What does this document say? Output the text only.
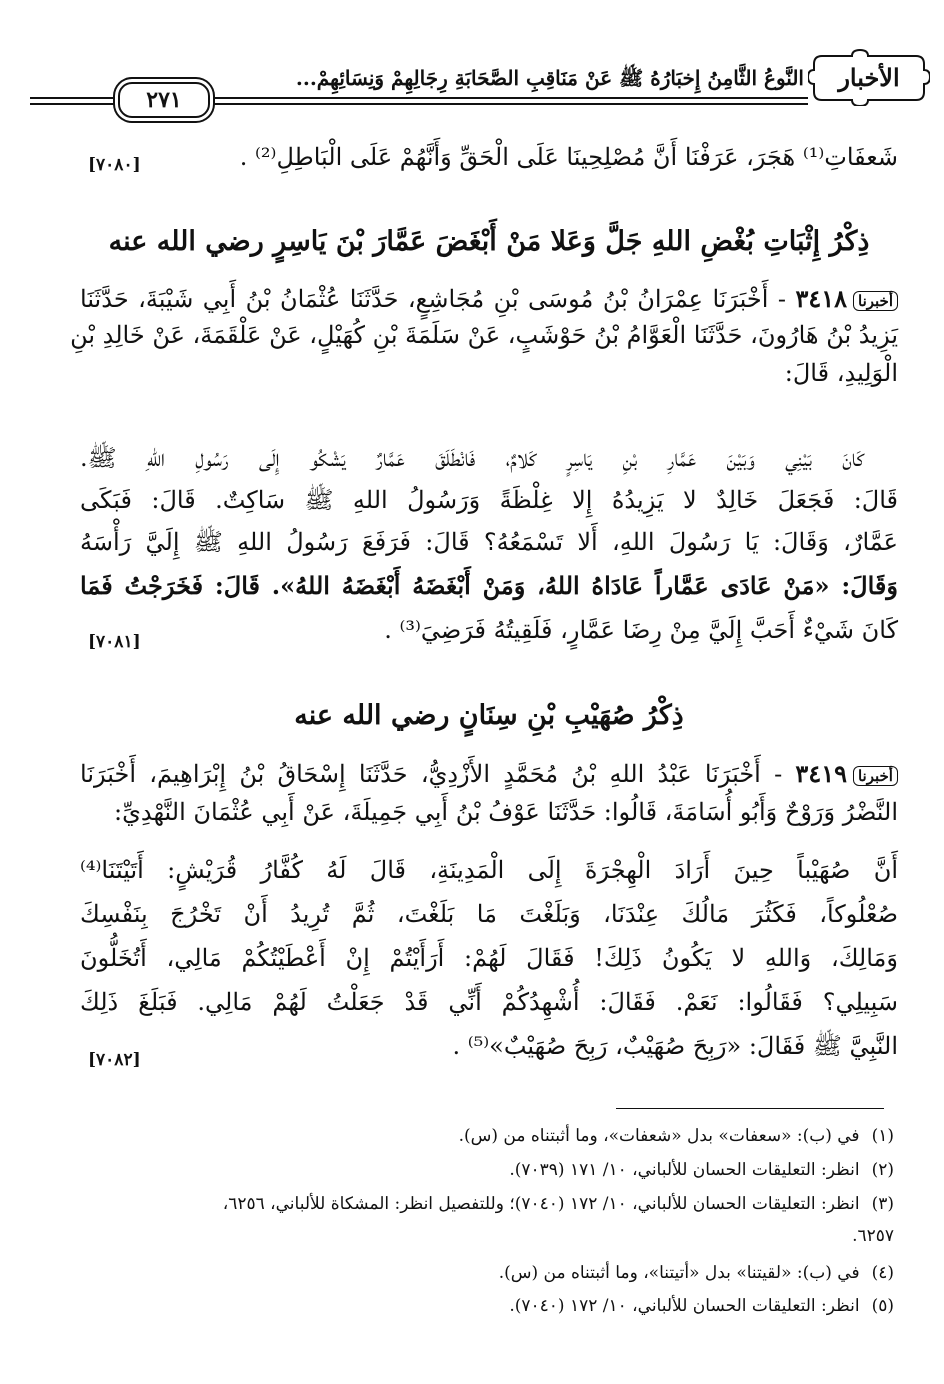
الأخبار
النَّوعُ الثَّامِنُ إِخبَارُهُ ﷺ عَنْ مَنَاقِبِ الصَّحَابَةِ رِجَالِهِمْ وَنِسَائِهِمْ...
٢٧١
شَعفَاتِ⁽¹⁾ هَجَرَ، عَرَفْنَا أَنَّ مُصْلِحِينَا عَلَى الْحَقِّ وَأَنَّهُمْ عَلَى الْبَاطِلِ⁽²⁾ .
[٧٠٨٠]
ذِكْرُ إِثْبَاتِ بُغْضِ اللهِ جَلَّ وَعَلا مَنْ أَبْغَضَ عَمَّارَ بْنَ يَاسِرٍ رضي الله عنه
أخبرنا٣٤١٨ - أَخْبَرَنَا عِمْرَانُ بْنُ مُوسَى بْنِ مُجَاشِعٍ، حَدَّثَنَا عُثْمَانُ بْنُ أَبِي شَيْبَةَ، حَدَّثَنَا
يَزِيدُ بْنُ هَارُونَ، حَدَّثَنَا الْعَوَّامُ بْنُ حَوْشَبٍ، عَنْ سَلَمَةَ بْنِ كُهَيْلٍ، عَنْ عَلْقَمَةَ، عَنْ خَالِدِ بْنِ
الْوَلِيدِ، قَالَ:
كَانَ بَيْنِي وَبَيْنَ عَمَّارِ بْنِ يَاسِرٍ كَلامٌ، فَانْطَلَقَ عَمَّارٌ يَشْكُو إِلَى رَسُولِ اللهِ ﷺ.
قَالَ: فَجَعَلَ خَالِدٌ لا يَزِيدُهُ إِلا غِلْظَةً وَرَسُولُ اللهِ ﷺ سَاكِتٌ. قَالَ: فَبَكَى
عَمَّارٌ، وَقَالَ: يَا رَسُولَ اللهِ، أَلا تَسْمَعُهُ؟ قَالَ: فَرَفَعَ رَسُولُ اللهِ ﷺ إِلَيَّ رَأْسَهُ
وَقَالَ: «مَنْ عَادَى عَمَّاراً عَادَاهُ اللهُ، وَمَنْ أَبْغَضَهُ أَبْغَضَهُ اللهُ». قَالَ: فَخَرَجْتُ فَمَا
كَانَ شَيْءٌ أَحَبَّ إِلَيَّ مِنْ رِضَا عَمَّارٍ، فَلَقِيتُهُ فَرَضِيَ⁽³⁾ .
[٧٠٨١]
ذِكْرُ صُهَيْبِ بْنِ سِنَانٍ رضي الله عنه
أخبرنا٣٤١٩ - أَخْبَرَنَا عَبْدُ اللهِ بْنُ مُحَمَّدٍ الأَزْدِيُّ، حَدَّثَنَا إِسْحَاقُ بْنُ إِبْرَاهِيمَ، أَخْبَرَنَا
النَّضْرُ وَرَوْحٌ وَأَبُو أُسَامَةَ، قَالُوا: حَدَّثَنَا عَوْفُ بْنُ أَبِي جَمِيلَةَ، عَنْ أَبِي عُثْمَانَ النَّهْدِيِّ:
أَنَّ صُهَيْباً حِينَ أَرَادَ الْهِجْرَةَ إِلَى الْمَدِينَةِ، قَالَ لَهُ كُفَّارُ قُرَيْشٍ: أَتَيْتَنَا⁽⁴⁾
صُعْلُوكاً، فَكَثُرَ مَالُكَ عِنْدَنَا، وَبَلَغْتَ مَا بَلَغْتَ، ثُمَّ تُرِيدُ أَنْ تَخْرُجَ بِنَفْسِكَ
وَمَالِكَ، وَاللهِ لا يَكُونُ ذَلِكَ! فَقَالَ لَهُمْ: أَرَأَيْتُمْ إِنْ أَعْطَيْتُكُمْ مَالِي، أَتُخَلُّونَ
سَبِيلِي؟ فَقَالُوا: نَعَمْ. فَقَالَ: أُشْهِدُكُمْ أَنِّي قَدْ جَعَلْتُ لَهُمْ مَالِي. فَبَلَغَ ذَلِكَ
النَّبِيَّ ﷺ فَقَالَ: «رَبِحَ صُهَيْبٌ، رَبِحَ صُهَيْبٌ»⁽⁵⁾ .
[٧٠٨٢]
(١)في (ب): «سعفات» بدل «شعفات»، وما أثبتناه من (س).
(٢)انظر: التعليقات الحسان للألباني، ١٠/ ١٧١ (٧٠٣٩).
(٣)انظر: التعليقات الحسان للألباني، ١٠/ ١٧٢ (٧٠٤٠)؛ وللتفصيل انظر: المشكاة للألباني، ٦٢٥٦،
٦٢٥٧.
(٤)في (ب): «لقيتنا» بدل «أتيتنا»، وما أثبتناه من (س).
(٥)انظر: التعليقات الحسان للألباني، ١٠/ ١٧٢ (٧٠٤٠).
